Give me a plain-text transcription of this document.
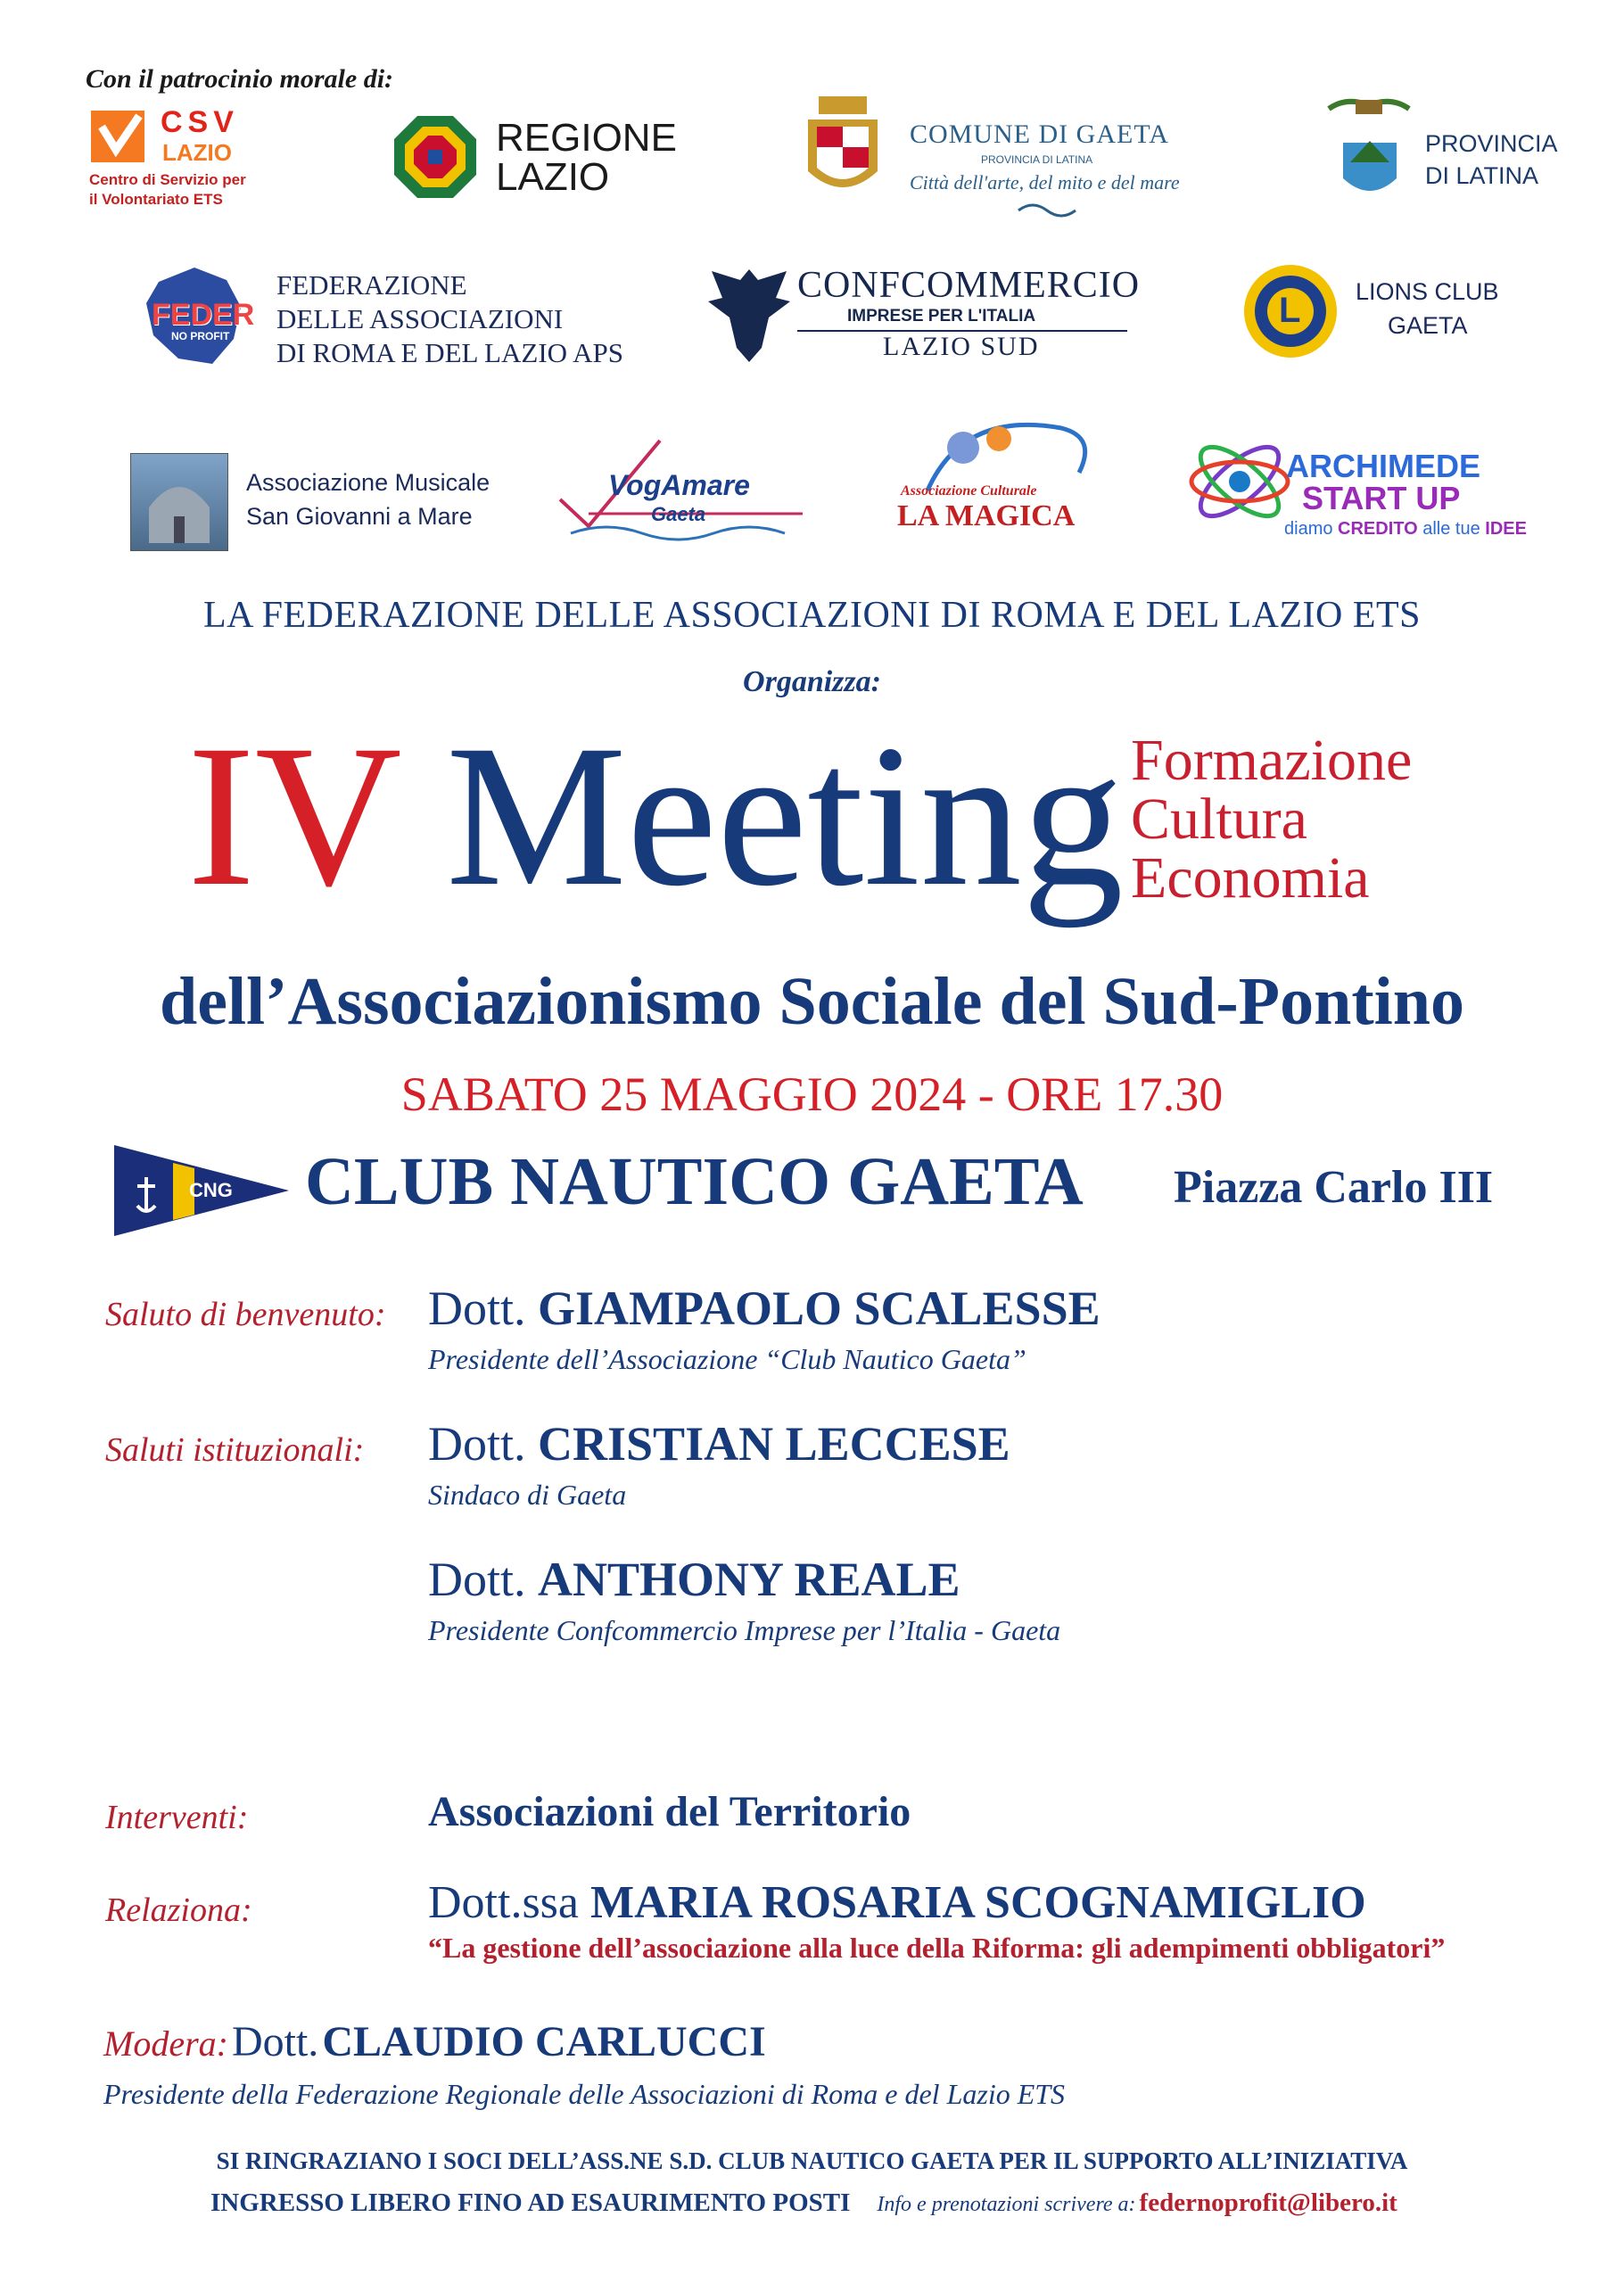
Con il patrocinio morale di:
CSV
LAZIO
Centro di Servizio per
il Volontariato ETS
REGIONE
LAZIO
COMUNE DI GAETA
PROVINCIA DI LATINA
Città dell'arte, del mito e del mare
PROVINCIA
DI LATINA
FEDER
NO PROFIT
FEDERAZIONE
DELLE ASSOCIAZIONI
DI ROMA E DEL LAZIO APS
CONFCOMMERCIO
IMPRESE PER L'ITALIA
LAZIO SUD
L LIONS CLUB
GAETA
Associazione Musicale
San Giovanni a Mare
VogAmare
Gaeta
Associazione Culturale
LA MAGICA
ARCHIMEDE
START UP
diamo CREDITO alle tue IDEE
LA FEDERAZIONE DELLE ASSOCIAZIONI DI ROMA E DEL LAZIO ETS
Organizza:
IV Meeting Formazione
Cultura
Economia
dell’Associazionismo Sociale del Sud-Pontino
SABATO 25 MAGGIO 2024 - ORE 17.30
CNG CLUB NAUTICO GAETA Piazza Carlo III
Saluto di benvenuto: Dott. GIAMPAOLO SCALESSE
Presidente dell’Associazione “Club Nautico Gaeta”
Saluti istituzionali: Dott. CRISTIAN LECCESE
Sindaco di Gaeta
Dott. ANTHONY REALE
Presidente Confcommercio Imprese per l’Italia - Gaeta
Interventi:	Associazioni del Territorio
Relaziona:	Dott.ssa MARIA ROSARIA SCOGNAMIGLIO
“La gestione dell’associazione alla luce della Riforma: gli adempimenti obbligatori”
Modera: Dott. CLAUDIO CARLUCCI
Presidente della Federazione Regionale delle Associazioni di Roma e del Lazio ETS
SI RINGRAZIANO I SOCI DELL’ASS.NE S.D. CLUB NAUTICO GAETA PER IL SUPPORTO ALL’INIZIATIVA
INGRESSO LIBERO FINO AD ESAURIMENTO POSTI Info e prenotazioni scrivere a: federnoprofit@libero.it
